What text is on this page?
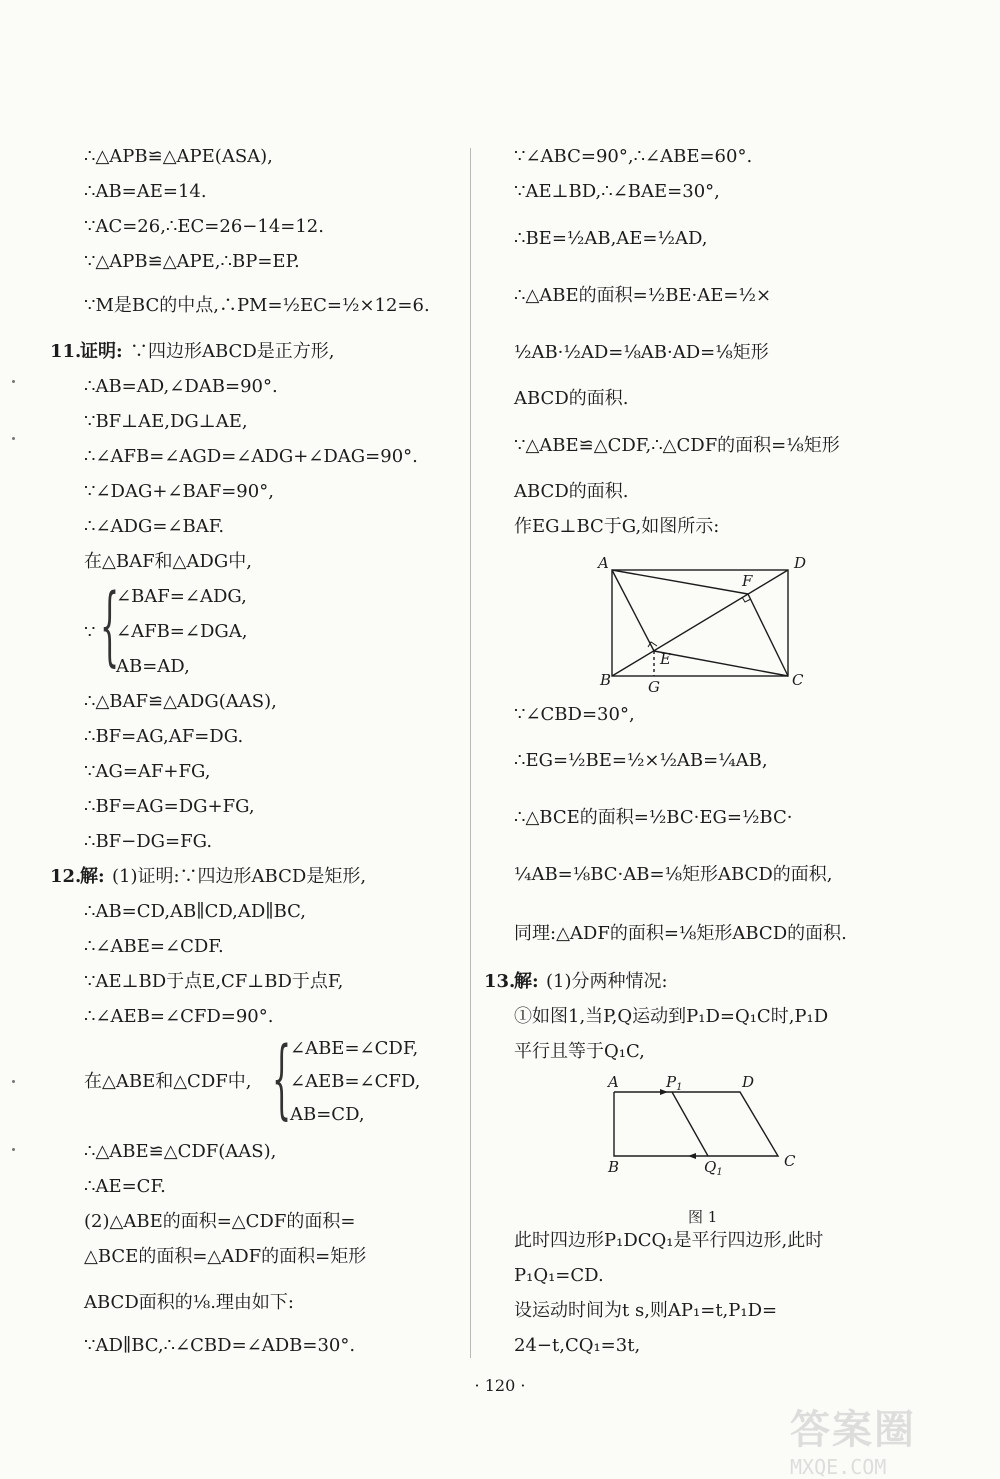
∴△APB≌△APE(ASA),
∴AB=AE=14.
∵AC=26,∴EC=26−14=12.
∵△APB≌△APE,∴BP=EP.
∵M是BC的中点,∴PM=½EC=½×12=6.
11.
证明: ∵四边形ABCD是正方形,
∴AB=AD,∠DAB=90°.
∵BF⊥AE,DG⊥AE,
∴∠AFB=∠AGD=∠ADG+∠DAG=90°.
∵∠DAG+∠BAF=90°,
∴∠ADG=∠BAF.
在△BAF和△ADG中,
∵ {
∠BAF=∠ADG,
∠AFB=∠DGA,
AB=AD,
∴△BAF≌△ADG(AAS),
∴BF=AG,AF=DG.
∵AG=AF+FG,
∴BF=AG=DG+FG,
∴BF−DG=FG.
12.
解: (1)证明:∵四边形ABCD是矩形,
∴AB=CD,AB∥CD,AD∥BC,
∴∠ABE=∠CDF.
∵AE⊥BD于点E,CF⊥BD于点F,
∴∠AEB=∠CFD=90°.
在△ABE和△CDF中, {
∠ABE=∠CDF,
∠AEB=∠CFD,
AB=CD,
∴△ABE≌△CDF(AAS),
∴AE=CF.
(2)△ABE的面积=△CDF的面积=
△BCE的面积=△ADF的面积=矩形
ABCD面积的⅛.理由如下:
∵AD∥BC,∴∠CBD=∠ADB=30°.
∵∠ABC=90°,∴∠ABE=60°.
∵AE⊥BD,∴∠BAE=30°,
∴BE=½AB,AE=½AD,
∴△ABE的面积=½BE·AE=½×
½AB·½AD=⅛AB·AD=⅛矩形
ABCD的面积.
∵△ABE≌△CDF,∴△CDF的面积=⅛矩形
ABCD的面积.
作EG⊥BC于G,如图所示:
A	D
B	C
F
E
G
∵∠CBD=30°,
∴EG=½BE=½×½AB=¼AB,
∴△BCE的面积=½BC·EG=½BC·
¼AB=⅛BC·AB=⅛矩形ABCD的面积,
同理:△ADF的面积=⅛矩形ABCD的面积.
13.
解: (1)分两种情况:
①如图1,当P,Q运动到P₁D=Q₁C时,P₁D
平行且等于Q₁C,
A	$P_1$	D
B	$Q_1$
C
图 1
此时四边形P₁DCQ₁是平行四边形,此时
P₁Q₁=CD.
设运动时间为t s,则AP₁=t,P₁D=
24−t,CQ₁=3t,
· 120 ·
答案圈
MXQE.COM
